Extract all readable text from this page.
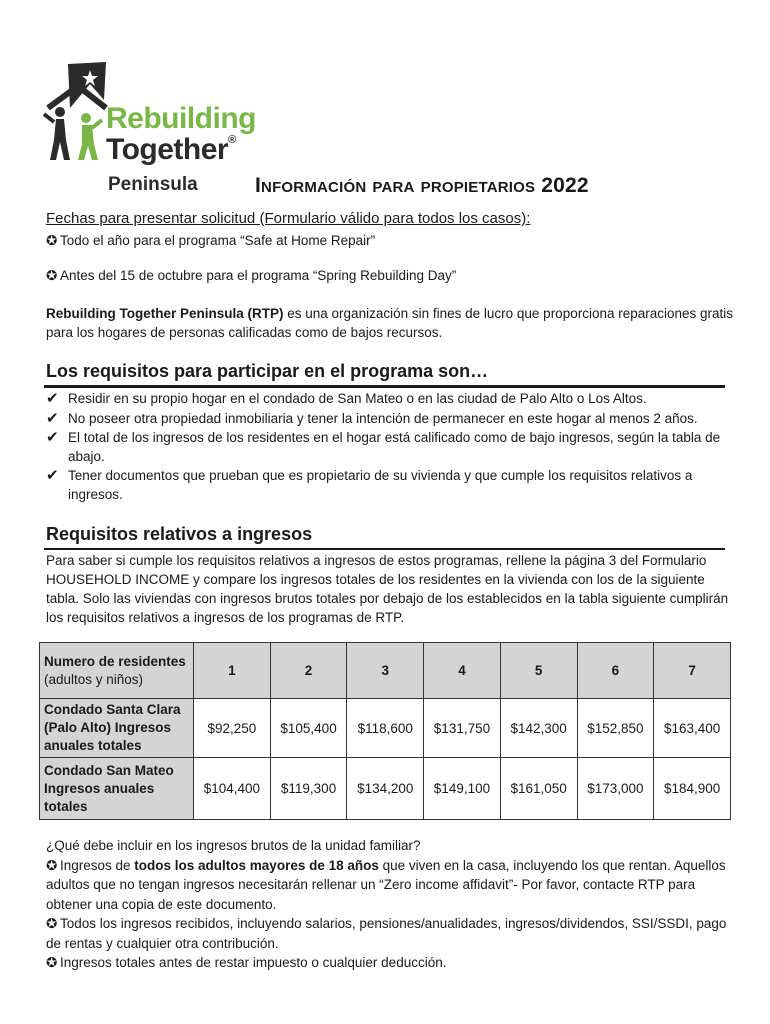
Rebuilding
Together®
Peninsula	Información para propietarios 2022
Fechas para presentar solicitud (Formulario válido para todos los casos):
✪ Todo el año para el programa “Safe at Home Repair”
✪ Antes del 15 de octubre para el programa “Spring Rebuilding Day”
Rebuilding Together Peninsula (RTP) es una organización sin fines de lucro que proporciona reparaciones gratis para los hogares de personas calificadas como de bajos recursos.
Los requisitos para participar en el programa son…
✔ Residir en su propio hogar en el condado de San Mateo o en las ciudad de Palo Alto o Los Altos.
✔ No poseer otra propiedad inmobiliaria y tener la intención de permanecer en este hogar al menos 2 años.
✔ El total de los ingresos de los residentes en el hogar está calificado como de bajo ingresos, según la tabla de abajo.
✔ Tener documentos que prueban que es propietario de su vivienda y que cumple los requisitos relativos a ingresos.
Requisitos relativos a ingresos
Para saber si cumple los requisitos relativos a ingresos de estos programas, rellene la página 3 del Formulario HOUSEHOLD INCOME y compare los ingresos totales de los residentes en la vivienda con los de la siguiente tabla. Solo las viviendas con ingresos brutos totales por debajo de los establecidos en la tabla siguiente cumplirán los requisitos relativos a ingresos de los programas de RTP.
Numero de residentes
(adultos y niños)	1	2	3	4	5	6	7
Condado Santa Clara (Palo Alto) Ingresos anuales totales	$92,250	$105,400	$118,600	$131,750	$142,300	$152,850	$163,400
Condado San Mateo Ingresos anuales totales	$104,400	$119,300	$134,200	$149,100	$161,050	$173,000	$184,900
¿Qué debe incluir en los ingresos brutos de la unidad familiar?
✪ Ingresos de todos los adultos mayores de 18 años que viven en la casa, incluyendo los que rentan. Aquellos adultos que no tengan ingresos necesitarán rellenar un “Zero income affidavit”- Por favor, contacte RTP para obtener una copia de este documento.
✪ Todos los ingresos recibidos, incluyendo salarios, pensiones/anualidades, ingresos/dividendos, SSI/SSDI, pago de rentas y cualquier otra contribución.
✪ Ingresos totales antes de restar impuesto o cualquier deducción.
